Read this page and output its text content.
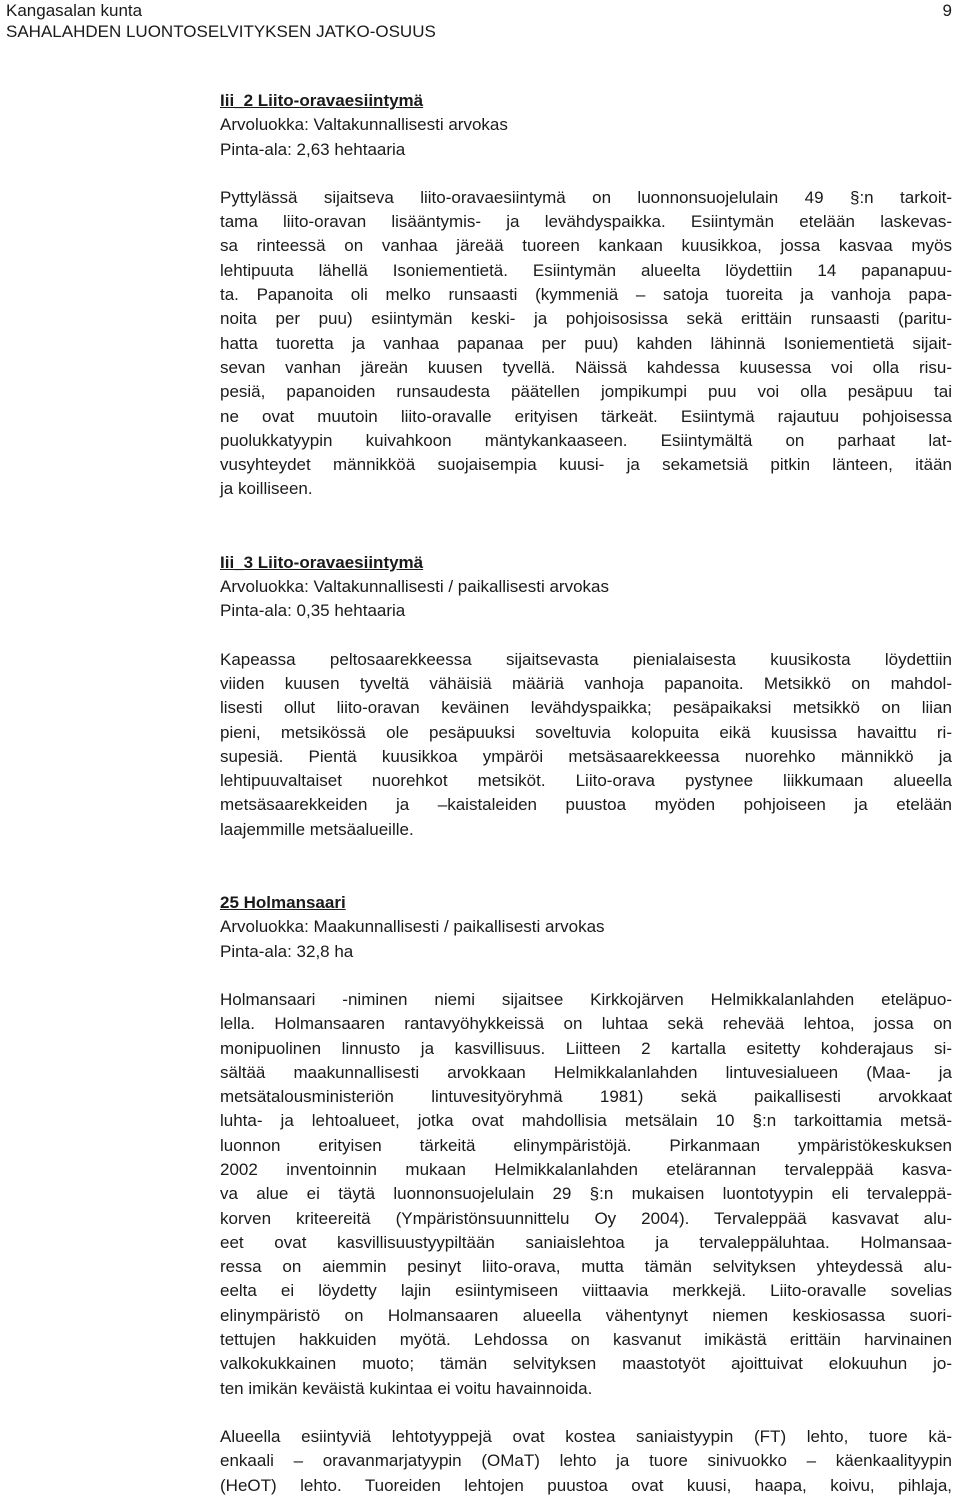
Kangasalan kunta
SAHALAHDEN LUONTOSELVITYKSEN JATKO-OSUUS
9
Iii_2 Liito-oravaesiintymä
Arvoluokka: Valtakunnallisesti arvokas
Pinta-ala: 2,63 hehtaaria
Pyttylässä sijaitseva liito-oravaesiintymä on luonnonsuojelulain 49 §:n tarkoit-
tama liito-oravan lisääntymis- ja levähdyspaikka. Esiintymän etelään laskevas-
sa rinteessä on vanhaa järeää tuoreen kankaan kuusikkoa, jossa kasvaa myös
lehtipuuta lähellä Isoniementietä. Esiintymän alueelta löydettiin 14 papanapuu-
ta. Papanoita oli melko runsaasti (kymmeniä – satoja tuoreita ja vanhoja papa-
noita per puu) esiintymän keski- ja pohjoisosissa sekä erittäin runsaasti (paritu-
hatta tuoretta ja vanhaa papanaa per puu) kahden lähinnä Isoniementietä sijait-
sevan vanhan järeän kuusen tyvellä. Näissä kahdessa kuusessa voi olla risu-
pesiä, papanoiden runsaudesta päätellen jompikumpi puu voi olla pesäpuu tai
ne ovat muutoin liito-oravalle erityisen tärkeät. Esiintymä rajautuu pohjoisessa
puolukkatyypin kuivahkoon mäntykankaaseen. Esiintymältä on parhaat lat-
vusyhteydet männikköä suojaisempia kuusi- ja sekametsiä pitkin länteen, itään
ja koilliseen.
Iii_3 Liito-oravaesiintymä
Arvoluokka: Valtakunnallisesti / paikallisesti arvokas
Pinta-ala: 0,35 hehtaaria
Kapeassa peltosaarekkeessa sijaitsevasta pienialaisesta kuusikosta löydettiin
viiden kuusen tyveltä vähäisiä määriä vanhoja papanoita. Metsikkö on mahdol-
lisesti ollut liito-oravan keväinen levähdyspaikka; pesäpaikaksi metsikkö on liian
pieni, metsikössä ole pesäpuuksi soveltuvia kolopuita eikä kuusissa havaittu ri-
supesiä. Pientä kuusikkoa ympäröi metsäsaarekkeessa nuorehko männikkö ja
lehtipuuvaltaiset nuorehkot metsiköt. Liito-orava pystynee liikkumaan alueella
metsäsaarekkeiden ja –kaistaleiden puustoa myöden pohjoiseen ja etelään
laajemmille metsäalueille.
25 Holmansaari
Arvoluokka: Maakunnallisesti / paikallisesti arvokas
Pinta-ala: 32,8 ha
Holmansaari -niminen niemi sijaitsee Kirkkojärven Helmikkalanlahden eteläpuo-
lella. Holmansaaren rantavyöhykkeissä on luhtaa sekä rehevää lehtoa, jossa on
monipuolinen linnusto ja kasvillisuus. Liitteen 2 kartalla esitetty kohderajaus si-
sältää maakunnallisesti arvokkaan Helmikkalanlahden lintuvesialueen (Maa- ja
metsätalousministeriön lintuvesityöryhmä 1981) sekä paikallisesti arvokkaat
luhta- ja lehtoalueet, jotka ovat mahdollisia metsälain 10 §:n tarkoittamia metsä-
luonnon erityisen tärkeitä elinympäristöjä. Pirkanmaan ympäristökeskuksen
2002 inventoinnin mukaan Helmikkalanlahden etelärannan tervaleppää kasva-
va alue ei täytä luonnonsuojelulain 29 §:n mukaisen luontotyypin eli tervaleppä-
korven kriteereitä (Ympäristönsuunnittelu Oy 2004). Tervaleppää kasvavat alu-
eet ovat kasvillisuustyypiltään saniaislehtoa ja tervaleppäluhtaa. Holmansaa-
ressa on aiemmin pesinyt liito-orava, mutta tämän selvityksen yhteydessä alu-
eelta ei löydetty lajin esiintymiseen viittaavia merkkejä. Liito-oravalle sovelias
elinympäristö on Holmansaaren alueella vähentynyt niemen keskiosassa suori-
tettujen hakkuiden myötä. Lehdossa on kasvanut imikästä erittäin harvinainen
valkokukkainen muoto; tämän selvityksen maastotyöt ajoittuivat elokuuhun jo-
ten imikän keväistä kukintaa ei voitu havainnoida.
Alueella esiintyviä lehtotyyppejä ovat kostea saniaistyypin (FT) lehto, tuore kä-
enkaali – oravanmarjatyypin (OMaT) lehto ja tuore sinivuokko – käenkaalityypin
(HeOT) lehto. Tuoreiden lehtojen puustoa ovat kuusi, haapa, koivu, pihlaja,
